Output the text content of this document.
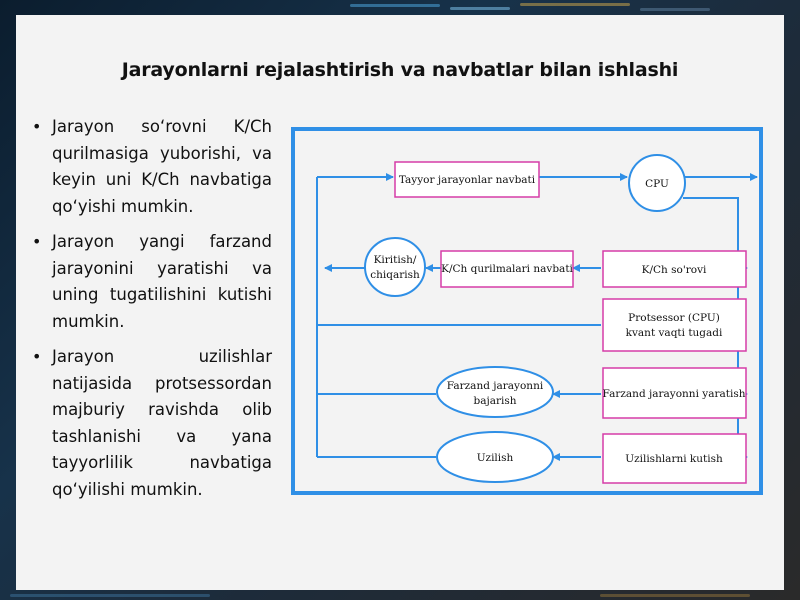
Jarayonlarni rejalashtirish va navbatlar bilan ishlashi
• Jarayon so‘rovni K/Ch qurilmasiga yuborishi, va keyin uni K/Ch navbatiga qo‘yishi mumkin.
• Jarayon yangi farzand jarayonini yaratishi va uning tugatilishini kutishi mumkin.
• Jarayon uzilishlar natijasida protsessordan majburiy ravishda olib tashlanishi va yana tayyorlilik navbatiga qo‘yilishi mumkin.
Tayyor jarayonlar navbati
K/Ch qurilmalari navbati	K/Ch so'rovi
Protsessor (CPU)
kvant vaqti tugadi
Farzand jarayonni yaratish
Uzilishlarni kutish
CPU
Kiritish/
chiqarish
Farzand jarayonni
bajarish
Uzilish
